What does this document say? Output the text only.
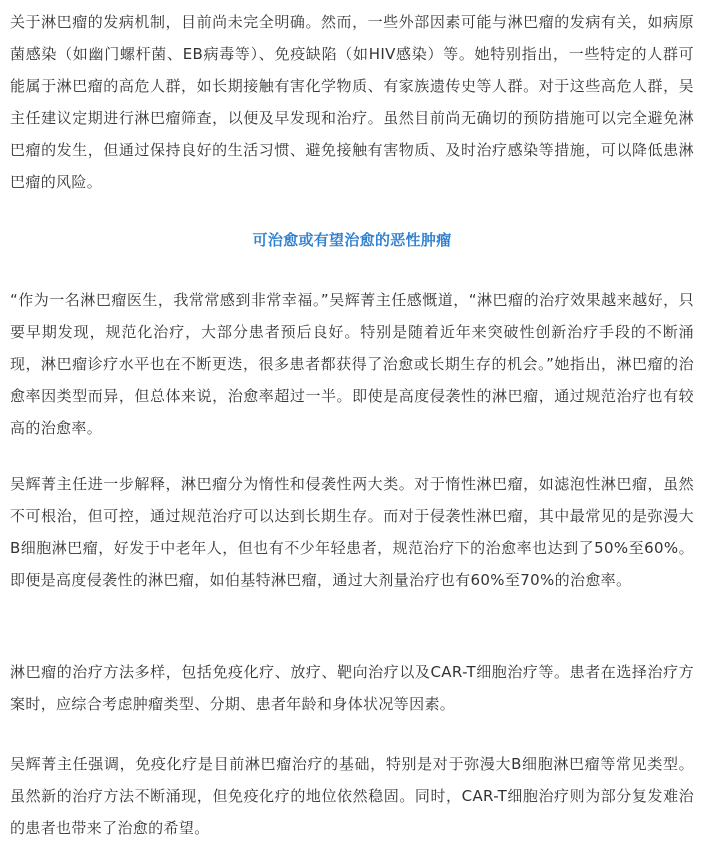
关于淋巴瘤的发病机制，目前尚未完全明确。然而，一些外部因素可能与淋巴瘤的发病有关，如病原菌感染（如幽门螺杆菌、EB病毒等）、免疫缺陷（如HIV感染）等。她特别指出，一些特定的人群可能属于淋巴瘤的高危人群，如长期接触有害化学物质、有家族遗传史等人群。对于这些高危人群，吴主任建议定期进行淋巴瘤筛查，以便及早发现和治疗。虽然目前尚无确切的预防措施可以完全避免淋巴瘤的发生，但通过保持良好的生活习惯、避免接触有害物质、及时治疗感染等措施，可以降低患淋巴瘤的风险。

可治愈或有望治愈的恶性肿瘤

“作为一名淋巴瘤医生，我常常感到非常幸福。”吴辉菁主任感慨道，“淋巴瘤的治疗效果越来越好，只要早期发现，规范化治疗，大部分患者预后良好。特别是随着近年来突破性创新治疗手段的不断涌现，淋巴瘤诊疗水平也在不断更迭，很多患者都获得了治愈或长期生存的机会。”她指出，淋巴瘤的治愈率因类型而异，但总体来说，治愈率超过一半。即使是高度侵袭性的淋巴瘤，通过规范治疗也有较高的治愈率。

吴辉菁主任进一步解释，淋巴瘤分为惰性和侵袭性两大类。对于惰性淋巴瘤，如滤泡性淋巴瘤，虽然不可根治，但可控，通过规范治疗可以达到长期生存。而对于侵袭性淋巴瘤，其中最常见的是弥漫大B细胞淋巴瘤，好发于中老年人，但也有不少年轻患者，规范治疗下的治愈率也达到了50%至60%。即便是高度侵袭性的淋巴瘤，如伯基特淋巴瘤，通过大剂量治疗也有60%至70%的治愈率。

淋巴瘤的治疗方法多样，包括免疫化疗、放疗、靶向治疗以及CAR-T细胞治疗等。患者在选择治疗方案时，应综合考虑肿瘤类型、分期、患者年龄和身体状况等因素。

吴辉菁主任强调，免疫化疗是目前淋巴瘤治疗的基础，特别是对于弥漫大B细胞淋巴瘤等常见类型。虽然新的治疗方法不断涌现，但免疫化疗的地位依然稳固。同时，CAR-T细胞治疗则为部分复发难治的患者也带来了治愈的希望。
